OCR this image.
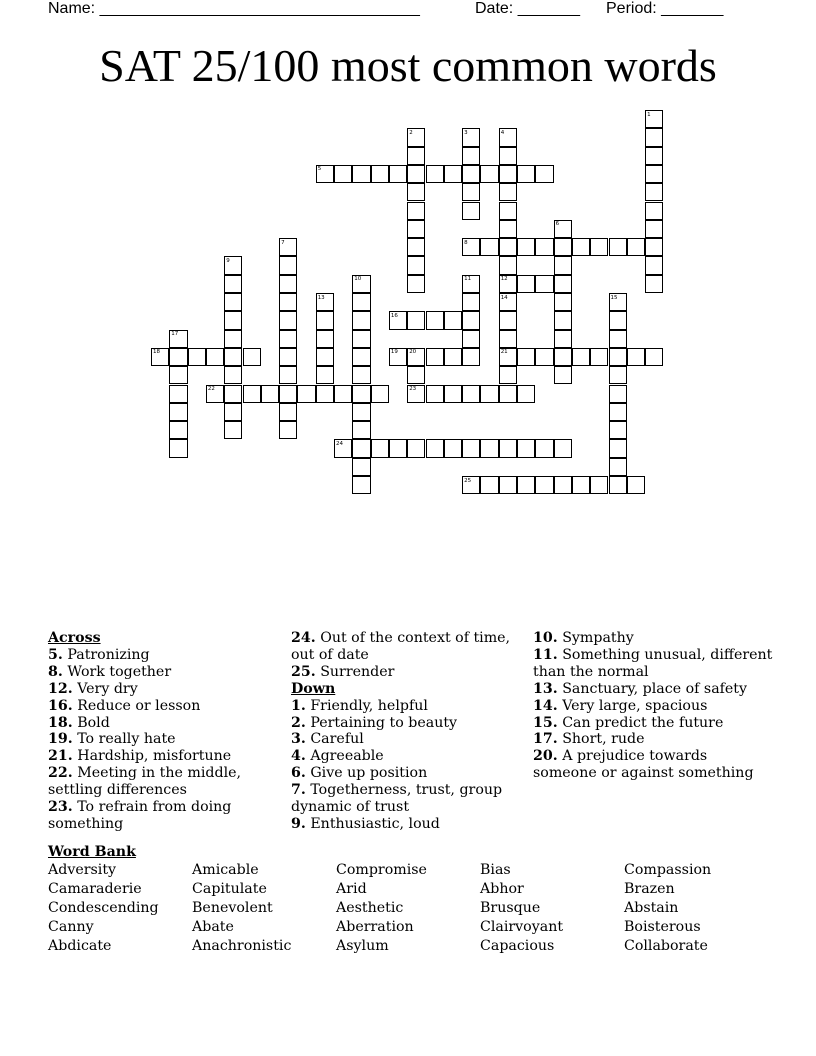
Name: ____________________________________	Date: _______ Period: _______
SAT 25/100 most common words
1
2	3	4
5
6
7	8
9
10	11	12
13	14	15
16
17
18	19 20	21
22	23
24
25
Across

5. Patronizing

8. Work together

12. Very dry

16. Reduce or lesson

18. Bold

19. To really hate

21. Hardship, misfortune

22. Meeting in the middle, settling differences

23. To refrain from doing something

24. Out of the context of time, out of date

25. Surrender

Down

1. Friendly, helpful

2. Pertaining to beauty

3. Careful

4. Agreeable

6. Give up position

7. Togetherness, trust, group dynamic of trust

9. Enthusiastic, loud

10. Sympathy

11. Something unusual, different than the normal

13. Sanctuary, place of safety

14. Very large, spacious

15. Can predict the future

17. Short, rude

20. A prejudice towards someone or against something

Word Bank
Adversity	Amicable	Compromise	Bias	Compassion
Camaraderie	Capitulate	Arid	Abhor	Brazen
Condescending Benevolent	Aesthetic	Brusque	Abstain
Canny	Abate	Aberration	Clairvoyant	Boisterous
Abdicate	Anachronistic	Asylum	Capacious	Collaborate
